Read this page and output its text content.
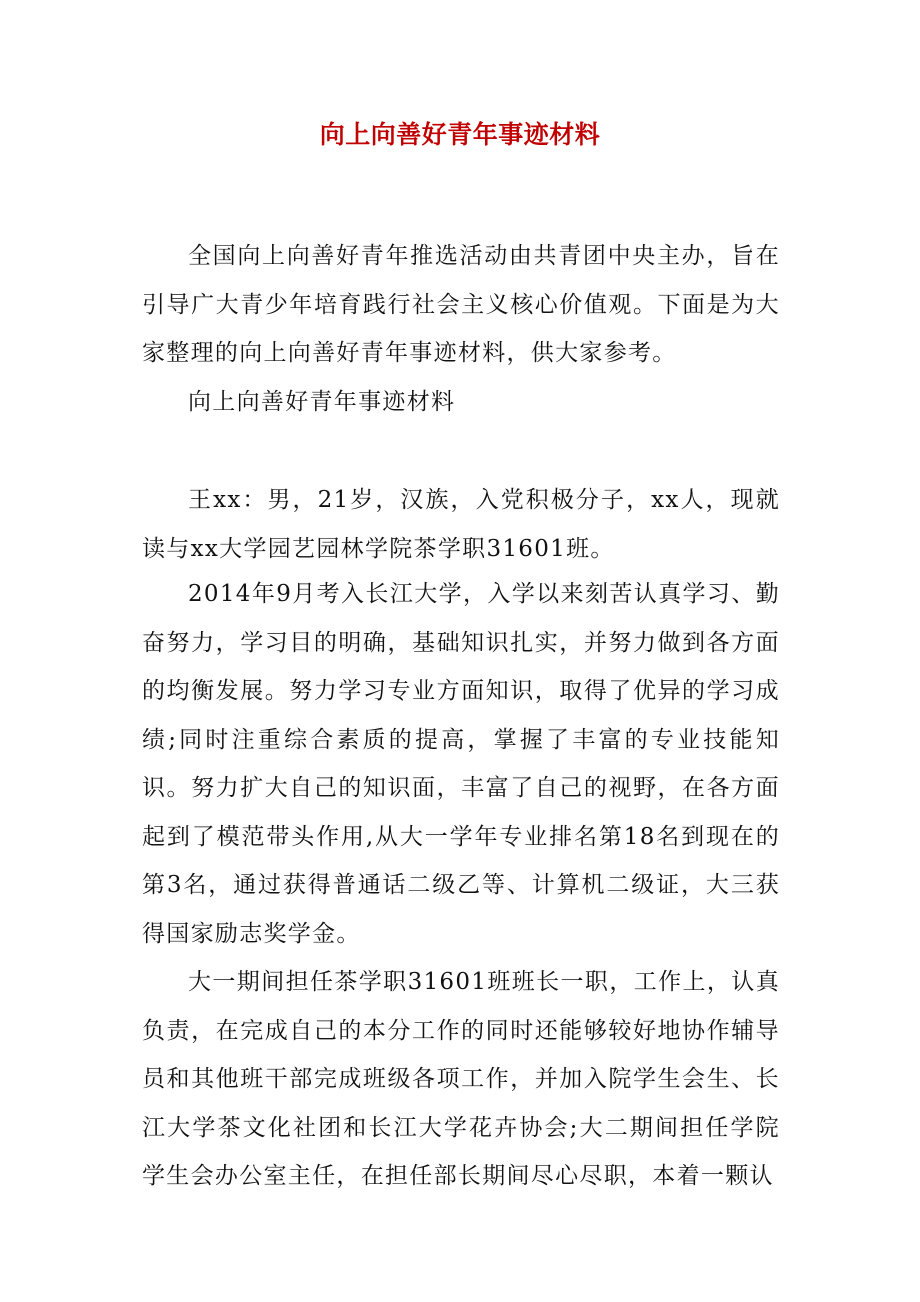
向上向善好青年事迹材料

全国向上向善好青年推选活动由共青团中央主办，旨在引导广大青少年培育践行社会主义核心价值观。下面是为大家整理的向上向善好青年事迹材料，供大家参考。

向上向善好青年事迹材料

王xx：男，21岁，汉族，入党积极分子，xx人，现就读与xx大学园艺园林学院茶学职31601班。

2014年9月考入长江大学，入学以来刻苦认真学习、勤奋努力，学习目的明确，基础知识扎实，并努力做到各方面的均衡发展。努力学习专业方面知识，取得了优异的学习成绩;同时注重综合素质的提高，掌握了丰富的专业技能知识。努力扩大自己的知识面，丰富了自己的视野，在各方面起到了模范带头作用,从大一学年专业排名第18名到现在的第3名，通过获得普通话二级乙等、计算机二级证，大三获得国家励志奖学金。

大一期间担任茶学职31601班班长一职，工作上，认真负责，在完成自己的本分工作的同时还能够较好地协作辅导员和其他班干部完成班级各项工作，并加入院学生会生、长江大学茶文化社团和长江大学花卉协会;大二期间担任学院学生会办公室主任，在担任部长期间尽心尽职，本着一颗认
